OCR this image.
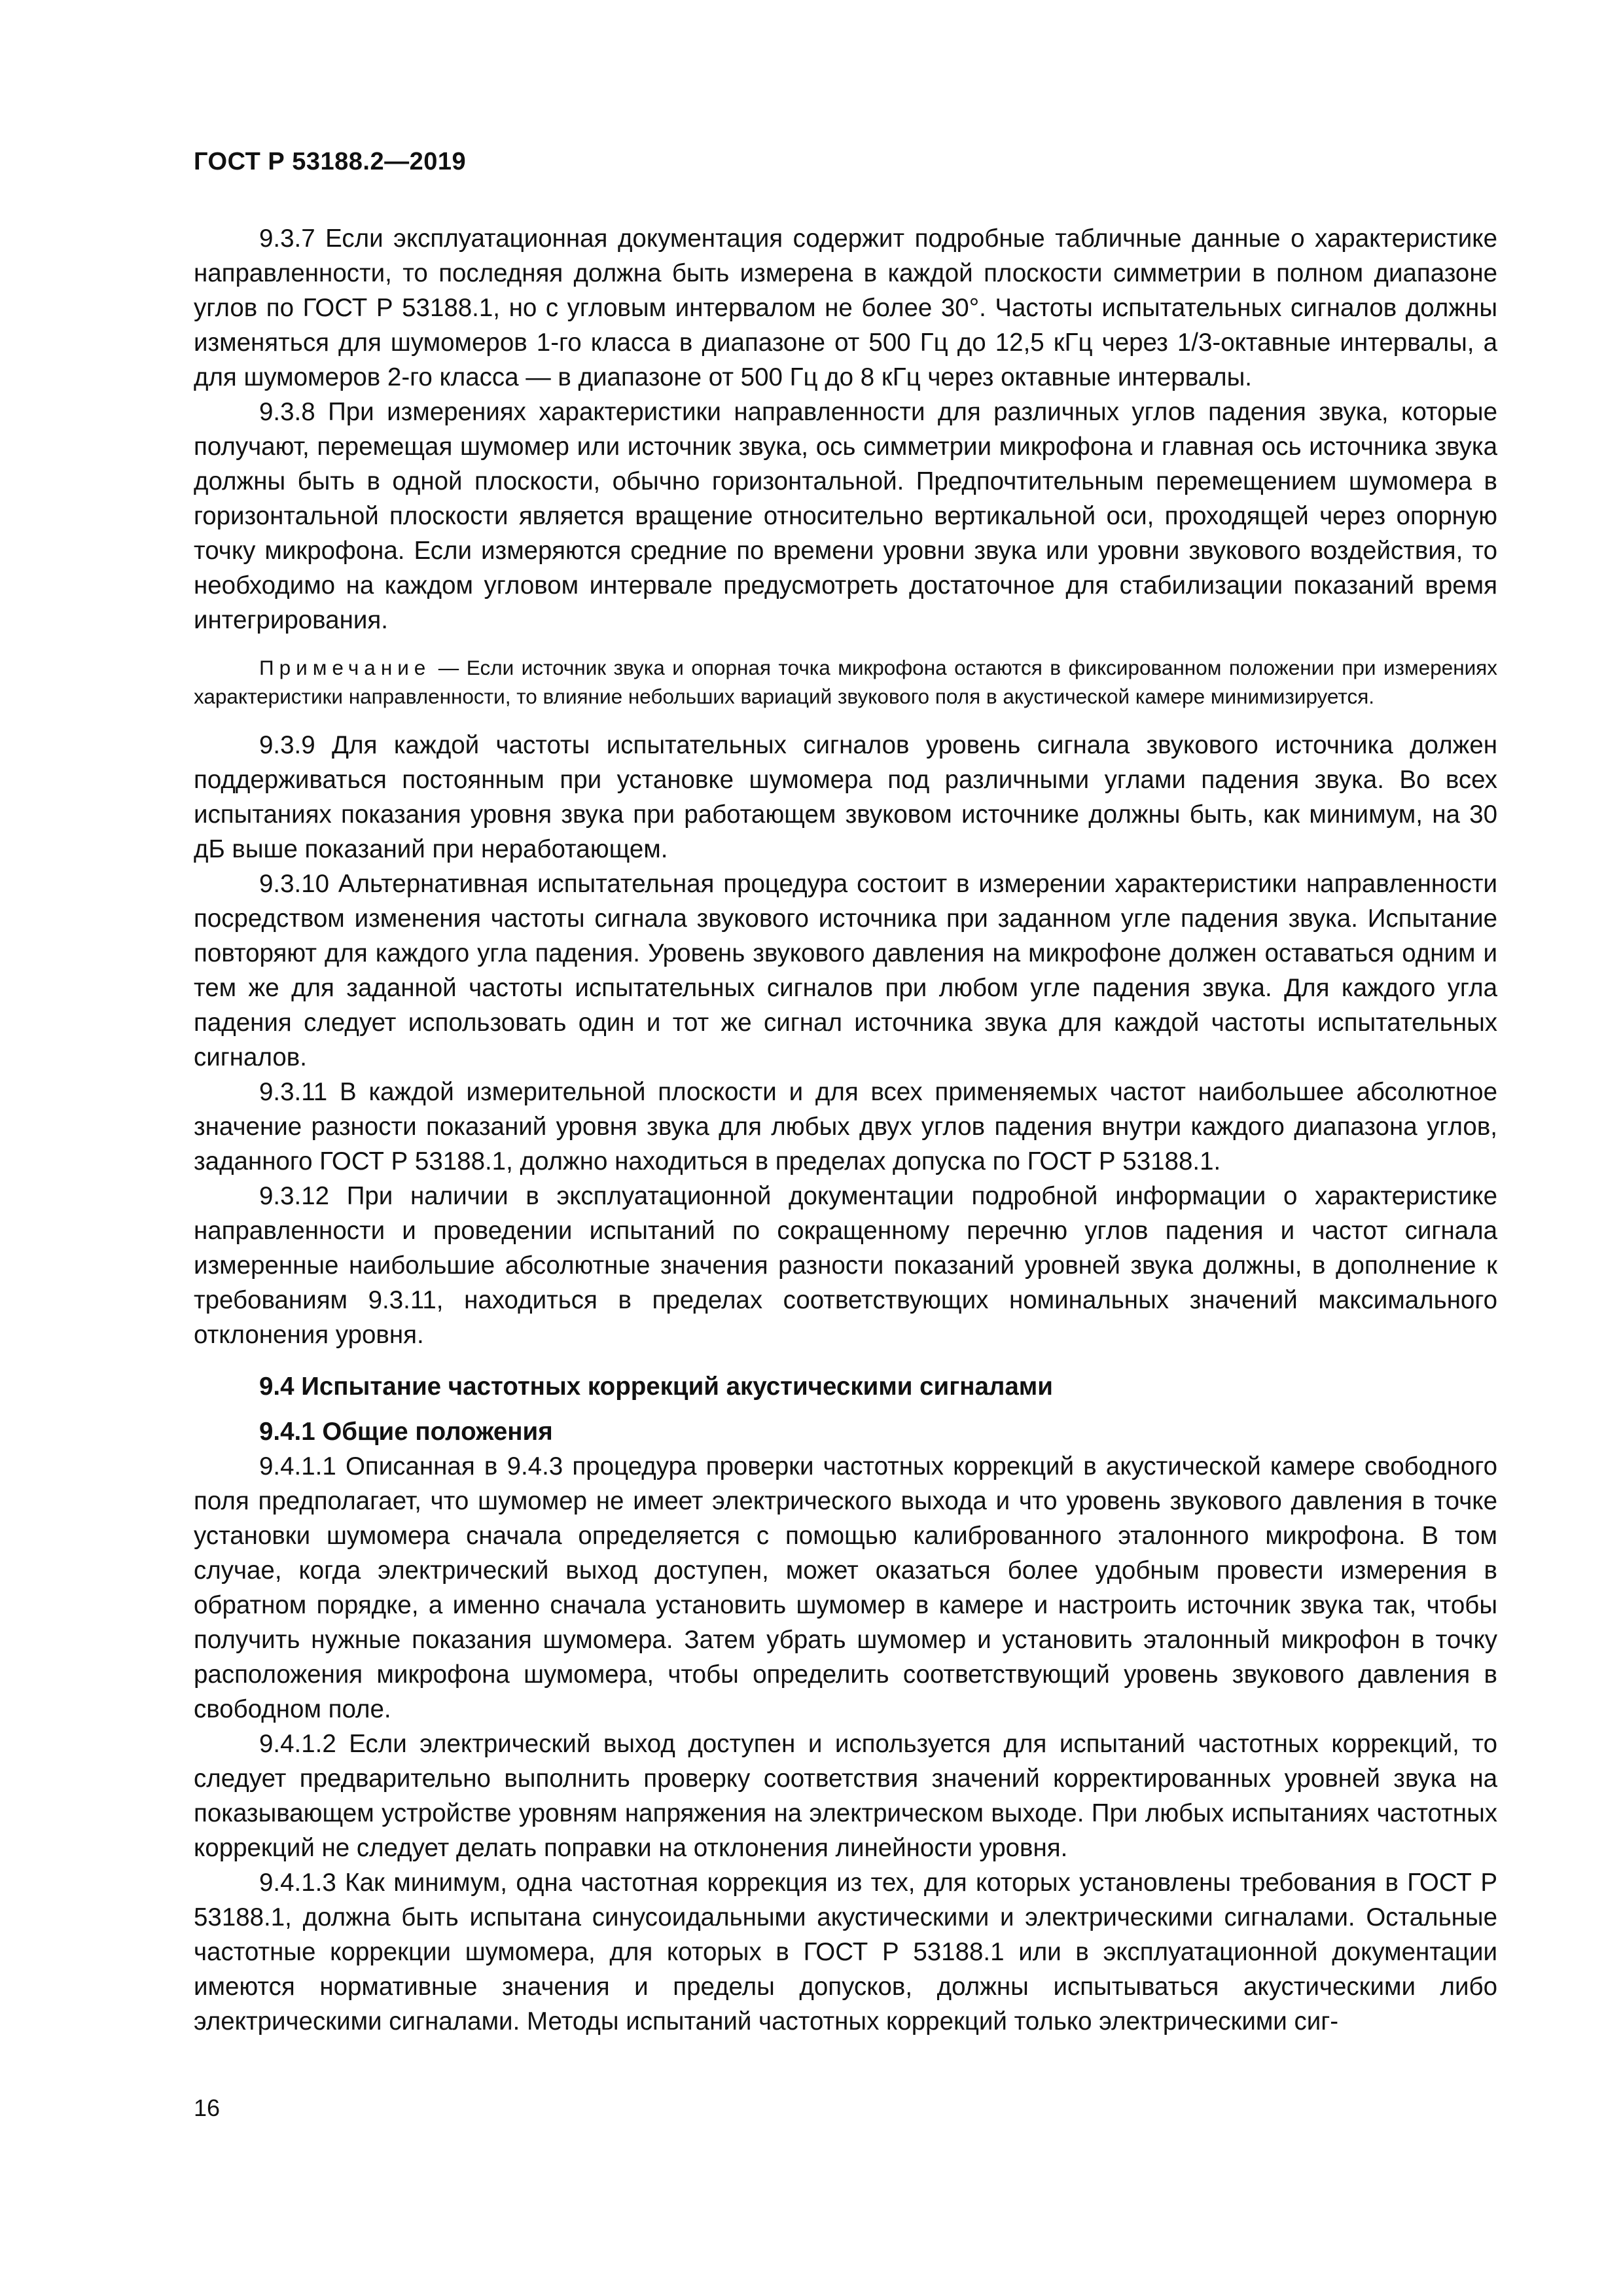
ГОСТ Р 53188.2—2019

9.3.7 Если эксплуатационная документация содержит подробные табличные данные о характеристике направленности, то последняя должна быть измерена в каждой плоскости симметрии в полном диапазоне углов по ГОСТ Р 53188.1, но с угловым интервалом не более 30°. Частоты испытательных сигналов должны изменяться для шумомеров 1-го класса в диапазоне от 500 Гц до 12,5 кГц через 1/3-октавные интервалы, а для шумомеров 2-го класса — в диапазоне от 500 Гц до 8 кГц через октавные интервалы.

9.3.8 При измерениях характеристики направленности для различных углов падения звука, которые получают, перемещая шумомер или источник звука, ось симметрии микрофона и главная ось источника звука должны быть в одной плоскости, обычно горизонтальной. Предпочтительным перемещением шумомера в горизонтальной плоскости является вращение относительно вертикальной оси, проходящей через опорную точку микрофона. Если измеряются средние по времени уровни звука или уровни звукового воздействия, то необходимо на каждом угловом интервале предусмотреть достаточное для стабилизации показаний время интегрирования.

Примечание — Если источник звука и опорная точка микрофона остаются в фиксированном положении при измерениях характеристики направленности, то влияние небольших вариаций звукового поля в акустической камере минимизируется.

9.3.9 Для каждой частоты испытательных сигналов уровень сигнала звукового источника должен поддерживаться постоянным при установке шумомера под различными углами падения звука. Во всех испытаниях показания уровня звука при работающем звуковом источнике должны быть, как минимум, на 30 дБ выше показаний при неработающем.

9.3.10 Альтернативная испытательная процедура состоит в измерении характеристики направленности посредством изменения частоты сигнала звукового источника при заданном угле падения звука. Испытание повторяют для каждого угла падения. Уровень звукового давления на микрофоне должен оставаться одним и тем же для заданной частоты испытательных сигналов при любом угле падения звука. Для каждого угла падения следует использовать один и тот же сигнал источника звука для каждой частоты испытательных сигналов.

9.3.11 В каждой измерительной плоскости и для всех применяемых частот наибольшее абсолютное значение разности показаний уровня звука для любых двух углов падения внутри каждого диапазона углов, заданного ГОСТ Р 53188.1, должно находиться в пределах допуска по ГОСТ Р 53188.1.

9.3.12 При наличии в эксплуатационной документации подробной информации о характеристике направленности и проведении испытаний по сокращенному перечню углов падения и частот сигнала измеренные наибольшие абсолютные значения разности показаний уровней звука должны, в дополнение к требованиям 9.3.11, находиться в пределах соответствующих номинальных значений максимального отклонения уровня.

9.4 Испытание частотных коррекций акустическими сигналами

9.4.1 Общие положения

9.4.1.1 Описанная в 9.4.3 процедура проверки частотных коррекций в акустической камере свободного поля предполагает, что шумомер не имеет электрического выхода и что уровень звукового давления в точке установки шумомера сначала определяется с помощью калиброванного эталонного микрофона. В том случае, когда электрический выход доступен, может оказаться более удобным провести измерения в обратном порядке, а именно сначала установить шумомер в камере и настроить источник звука так, чтобы получить нужные показания шумомера. Затем убрать шумомер и установить эталонный микрофон в точку расположения микрофона шумомера, чтобы определить соответствующий уровень звукового давления в свободном поле.

9.4.1.2 Если электрический выход доступен и используется для испытаний частотных коррекций, то следует предварительно выполнить проверку соответствия значений корректированных уровней звука на показывающем устройстве уровням напряжения на электрическом выходе. При любых испытаниях частотных коррекций не следует делать поправки на отклонения линейности уровня.

9.4.1.3 Как минимум, одна частотная коррекция из тех, для которых установлены требования в ГОСТ Р 53188.1, должна быть испытана синусоидальными акустическими и электрическими сигналами. Остальные частотные коррекции шумомера, для которых в ГОСТ Р 53188.1 или в эксплуатационной документации имеются нормативные значения и пределы допусков, должны испытываться акустическими либо электрическими сигналами. Методы испытаний частотных коррекций только электрическими сиг-

16
